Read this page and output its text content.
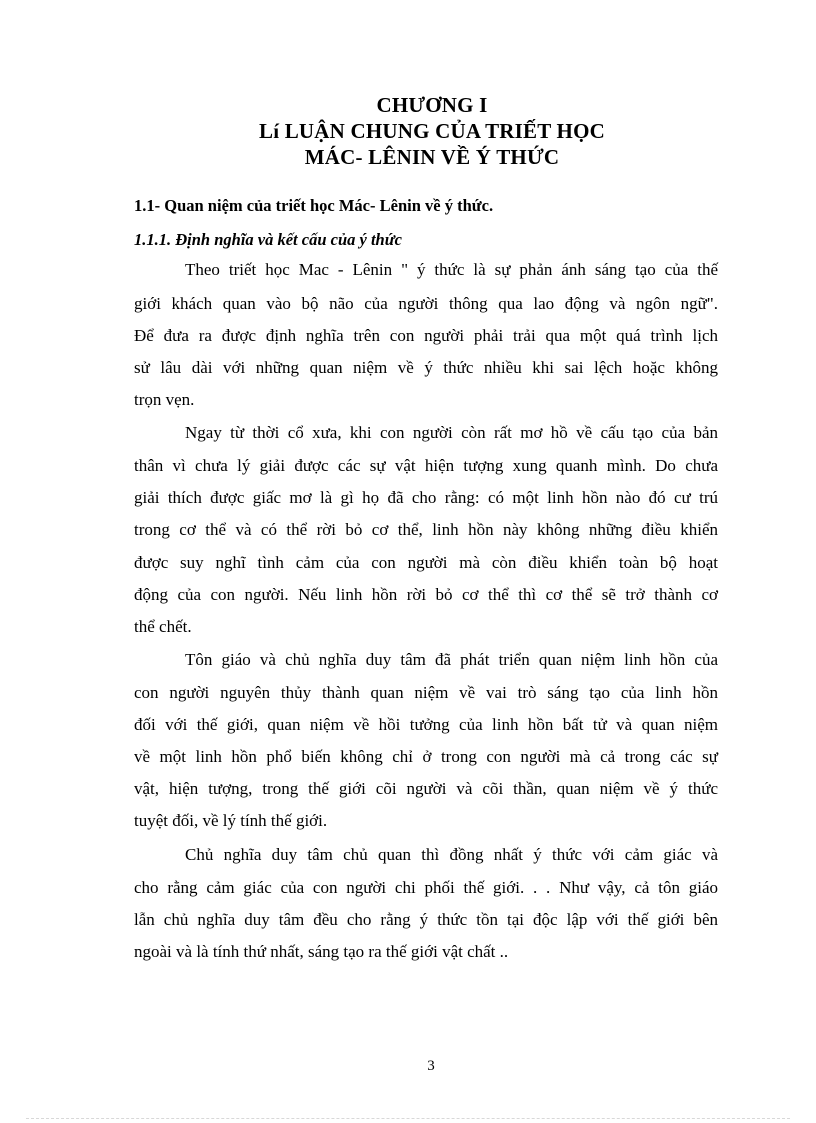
CHƯƠNG I
Lí LUẬN CHUNG CỦA TRIẾT HỌC
MÁC- LÊNIN VỀ Ý THỨC
1.1- Quan niệm của triết học Mác- Lênin về ý thức.
1.1.1. Định nghĩa và kết cấu của ý thức
Theo triết học Mac - Lênin " ý thức là sự phản ánh sáng tạo của thế
giới khách quan vào bộ não của người thông qua lao động và ngôn ngữ".
Để đưa ra được định nghĩa trên con người phải trải qua một quá trình lịch
sử lâu dài với những quan niệm về ý thức nhiều khi sai lệch hoặc không
trọn vẹn.
Ngay từ thời cổ xưa, khi con người còn rất mơ hồ về cấu tạo của bản
thân vì chưa lý giải được các sự vật hiện tượng xung quanh mình. Do chưa
giải thích được giấc mơ là gì họ đã cho rằng: có một linh hồn nào đó cư trú
trong cơ thể và có thể rời bỏ cơ thể, linh hồn này không những điều khiển
được suy nghĩ tình cảm của con người mà còn điều khiển toàn bộ hoạt
động của con người. Nếu linh hồn rời bỏ cơ thể thì cơ thể sẽ trở thành cơ
thể chết.
Tôn giáo và chủ nghĩa duy tâm đã phát triển quan niệm linh hồn của
con người nguyên thủy thành quan niệm về vai trò sáng tạo của linh hồn
đối với thế giới, quan niệm về hồi tưởng của linh hồn bất tử và quan niệm
về một linh hồn phổ biến không chỉ ở trong con người mà cả trong các sự
vật, hiện tượng, trong thế giới cõi người và cõi thần, quan niệm về ý thức
tuyệt đối, về lý tính thế giới.
Chủ nghĩa duy tâm chủ quan thì đồng nhất ý thức với cảm giác và
cho rằng cảm giác của con người chi phối thế giới. . . Như vậy, cả tôn giáo
lẫn chủ nghĩa duy tâm đều cho rằng ý thức tồn tại độc lập với thế giới bên
ngoài và là tính thứ nhất, sáng tạo ra thế giới vật chất ..
3
